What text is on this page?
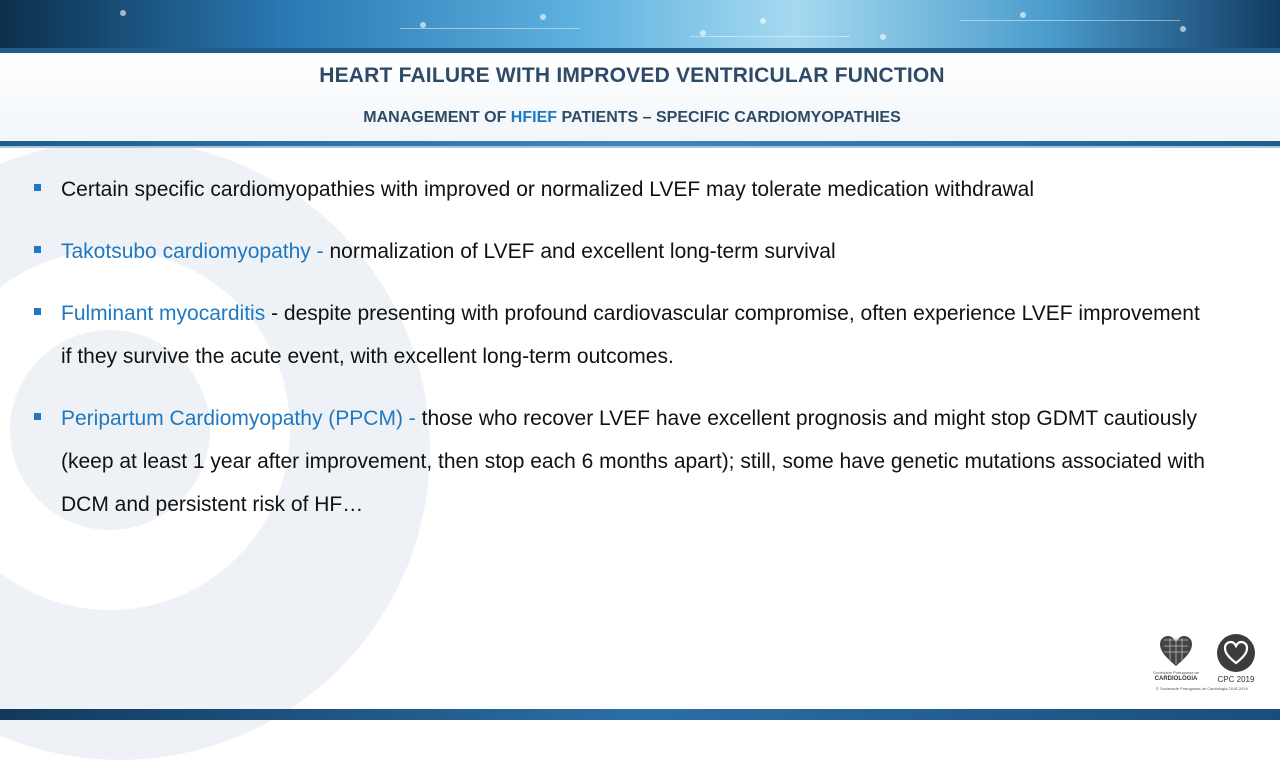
HEART FAILURE WITH IMPROVED VENTRICULAR FUNCTION
MANAGEMENT OF HFIEF PATIENTS – SPECIFIC CARDIOMYOPATHIES
Certain specific cardiomyopathies with improved or normalized LVEF may tolerate medication withdrawal
Takotsubo cardiomyopathy - normalization of LVEF and excellent long-term survival
Fulminant myocarditis - despite presenting with profound cardiovascular compromise, often experience LVEF improvement if they survive the acute event, with excellent long-term outcomes.
Peripartum Cardiomyopathy (PPCM) - those who recover LVEF have excellent prognosis and might stop GDMT cautiously (keep at least 1 year after improvement, then stop each 6 months apart); still, some have genetic mutations associated with DCM and persistent risk of HF…
Sociedade Portuguesa de
CARDIOLOGIA	CPC 2019
© Sociedade Portuguesa de Cardiologia 2018-2019
